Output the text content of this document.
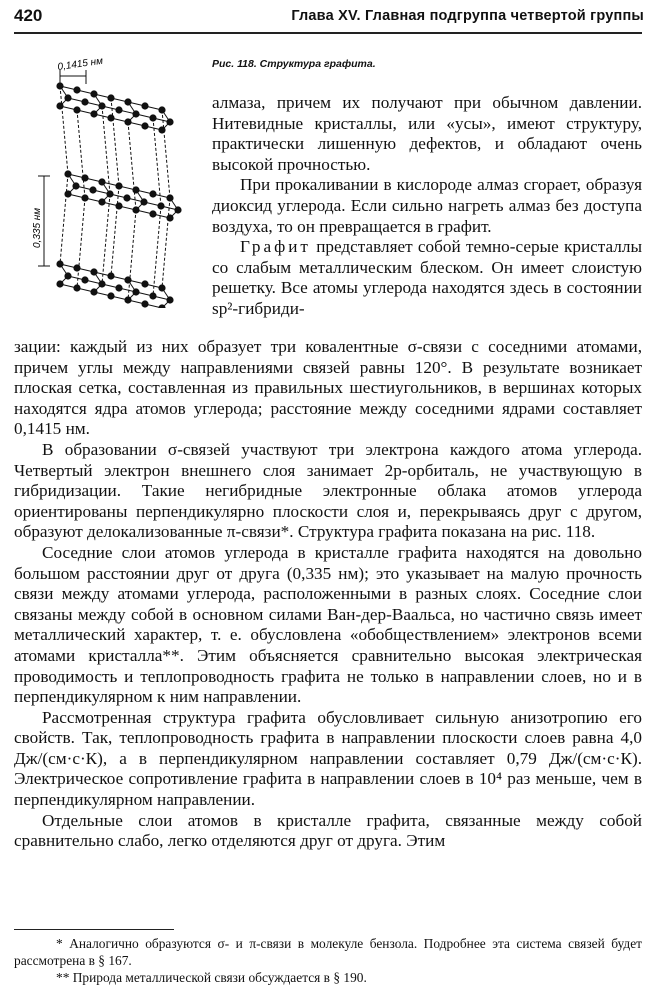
420	Глава XV. Главная подгруппа четвертой группы
0,1415 нм
0,335 нм
Рис. 118. Структура графита.

алмаза, причем их получают при обычном давлении. Нитевидные кристаллы, или «усы», имеют структуру, практически лишенную дефектов, и обладают очень высокой прочностью.

При прокаливании в кислороде алмаз сгорает, образуя диоксид углерода. Если сильно нагреть алмаз без доступа воздуха, то он превращается в графит.

Графит представляет собой темно-серые кристаллы со слабым металлическим блеском. Он имеет слоистую решетку. Все атомы углерода находятся здесь в состоянии sp²-гибриди-

зации: каждый из них образует три ковалентные σ-связи с соседними атомами, причем углы между направлениями связей равны 120°. В результате возникает плоская сетка, составленная из правильных шестиугольников, в вершинах которых находятся ядра атомов углерода; расстояние между соседними ядрами составляет 0,1415 нм.

В образовании σ-связей участвуют три электрона каждого атома углерода. Четвертый электрон внешнего слоя занимает 2p-орбиталь, не участвующую в гибридизации. Такие негибридные электронные облака атомов углерода ориентированы перпендикулярно плоскости слоя и, перекрываясь друг с другом, образуют делокализованные π-связи*. Структура графита показана на рис. 118.

Соседние слои атомов углерода в кристалле графита находятся на довольно большом расстоянии друг от друга (0,335 нм); это указывает на малую прочность связи между атомами углерода, расположенными в разных слоях. Соседние слои связаны между собой в основном силами Ван-дер-Ваальса, но частично связь имеет металлический характер, т. е. обусловлена «обобществлением» электронов всеми атомами кристалла**. Этим объясняется сравнительно высокая электрическая проводимость и теплопроводность графита не только в направлении слоев, но и в перпендикулярном к ним направлении.

Рассмотренная структура графита обусловливает сильную анизотропию его свойств. Так, теплопроводность графита в направлении плоскости слоев равна 4,0 Дж/(см·с·К), а в перпендикулярном направлении составляет 0,79 Дж/(см·с·К). Электрическое сопротивление графита в направлении слоев в 10⁴ раз меньше, чем в перпендикулярном направлении.

Отдельные слои атомов в кристалле графита, связанные между собой сравнительно слабо, легко отделяются друг от друга. Этим

* Аналогично образуются σ- и π-связи в молекуле бензола. Подробнее эта система связей будет рассмотрена в § 167.

** Природа металлической связи обсуждается в § 190.
